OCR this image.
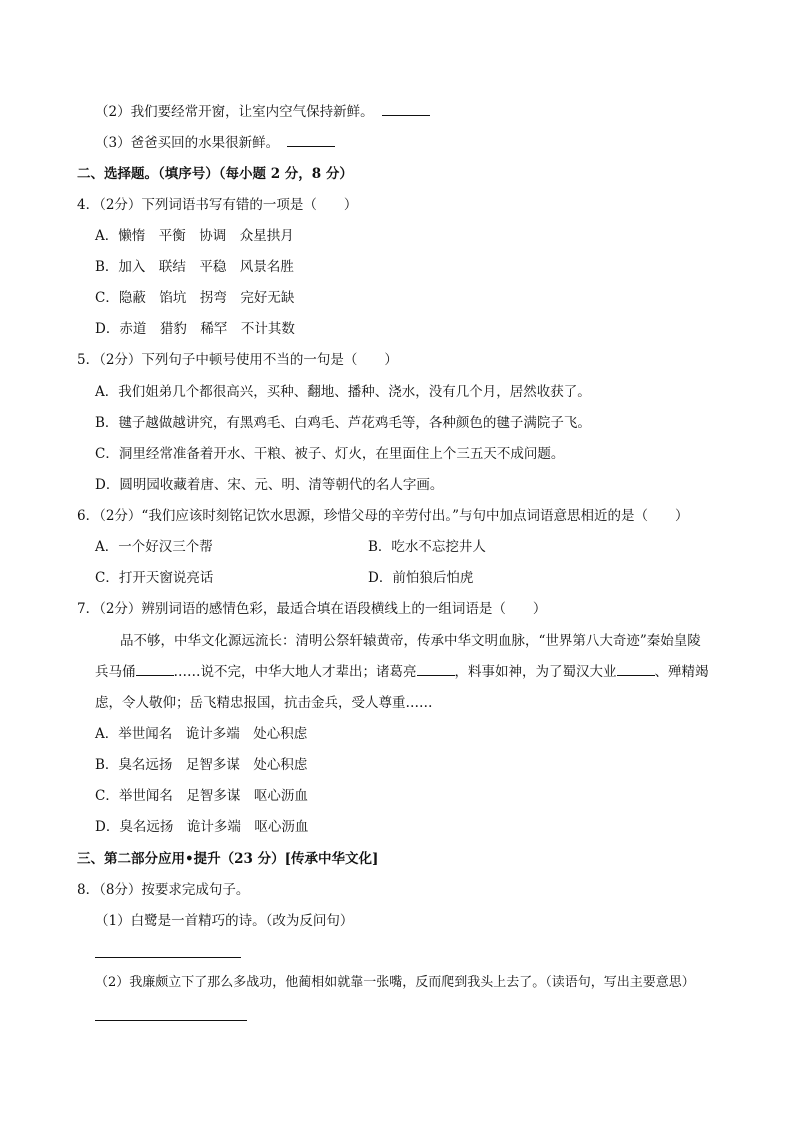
（2）我们要经常开窗，让室内空气保持新鲜。
（3）爸爸买回的水果很新鲜。
二、选择题。（填序号）（每小题 2 分，8 分）
4．（2分）下列词语书写有错的一项是（　　）
A．懒惰　平衡　协调　众星拱月
B．加入　联结　平稳　风景名胜
C．隐蔽　馅坑　拐弯　完好无缺
D．赤道　猎豹　稀罕　不计其数
5．（2分）下列句子中顿号使用不当的一句是（　　）
A．我们姐弟几个都很高兴，买种、翻地、播种、浇水，没有几个月，居然收获了。
B．毽子越做越讲究，有黑鸡毛、白鸡毛、芦花鸡毛等，各种颜色的毽子满院子飞。
C．洞里经常准备着开水、干粮、被子、灯火，在里面住上个三五天不成问题。
D．圆明园收藏着唐、宋、元、明、清等朝代的名人字画。
6．（2分）“我们应该时刻铭记饮水思源，珍惜父母的辛劳付出。”与句中加点词语意思相近的是（　　）
A．一个好汉三个帮	B．吃水不忘挖井人
C．打开天窗说亮话	D．前怕狼后怕虎
7．（2分）辨别词语的感情色彩，最适合填在语段横线上的一组词语是（　　）
品不够，中华文化源远流长：清明公祭轩辕黄帝，传承中华文明血脉，“世界第八大奇迹”秦始皇陵
兵马俑	……说不完，中华大地人才辈出；诸葛亮	，料事如神，为了蜀汉大业	、殚精竭
虑，令人敬仰；岳飞精忠报国，抗击金兵，受人尊重……
A．举世闻名　诡计多端　处心积虑
B．臭名远扬　足智多谋　处心积虑
C．举世闻名　足智多谋　呕心沥血
D．臭名远扬　诡计多端　呕心沥血
三、第二部分应用•提升（23 分）[传承中华文化]
8．（8分）按要求完成句子。
（1）白鹭是一首精巧的诗。（改为反问句）
（2）我廉颇立下了那么多战功，他蔺相如就靠一张嘴，反而爬到我头上去了。（读语句，写出主要意思）
